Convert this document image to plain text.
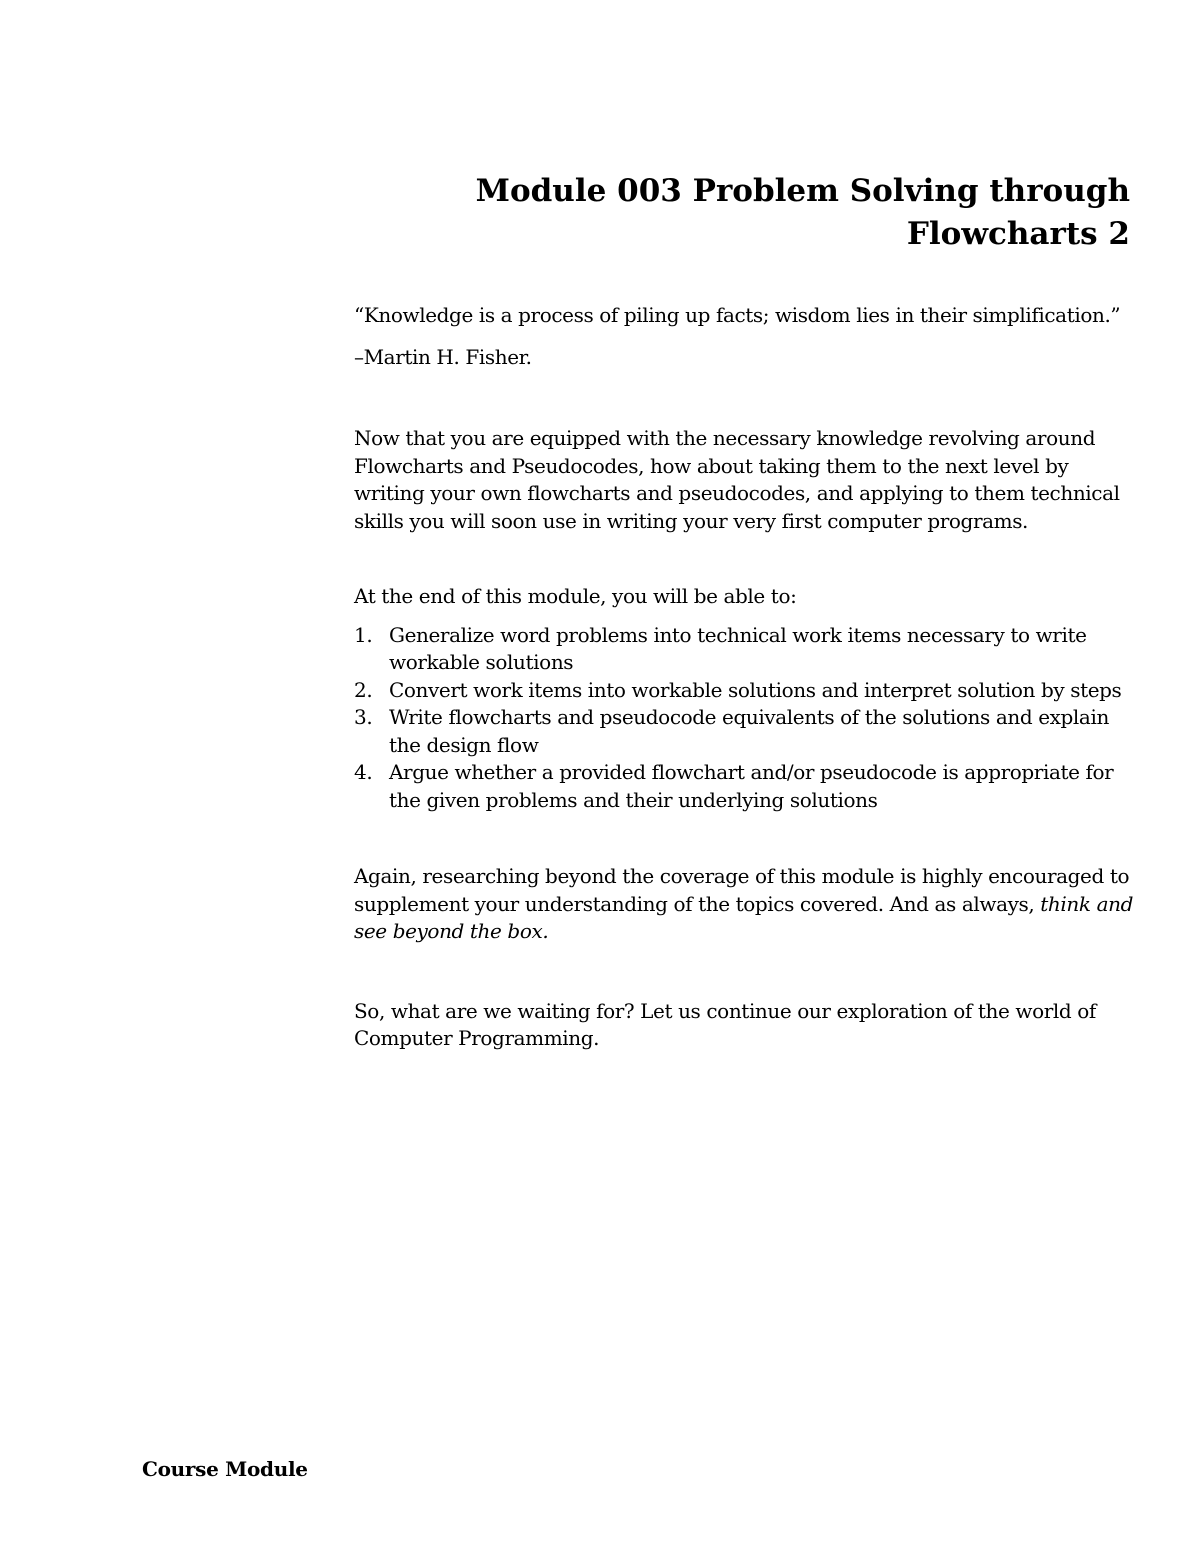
Module 003 Problem Solving through
Flowcharts 2

“Knowledge is a process of piling up facts; wisdom lies in their simplification.”

–Martin H. Fisher.

Now that you are equipped with the necessary knowledge revolving around Flowcharts and Pseudocodes, how about taking them to the next level by writing your own flowcharts and pseudocodes, and applying to them technical skills you will soon use in writing your very first computer programs.

At the end of this module, you will be able to:

1. Generalize word problems into technical work items necessary to write workable solutions
2. Convert work items into workable solutions and interpret solution by steps
3. Write flowcharts and pseudocode equivalents of the solutions and explain the design flow
4. Argue whether a provided flowchart and/or pseudocode is appropriate for the given problems and their underlying solutions

Again, researching beyond the coverage of this module is highly encouraged to supplement your understanding of the topics covered. And as always, think and see beyond the box.

So, what are we waiting for? Let us continue our exploration of the world of Computer Programming.

Course Module
